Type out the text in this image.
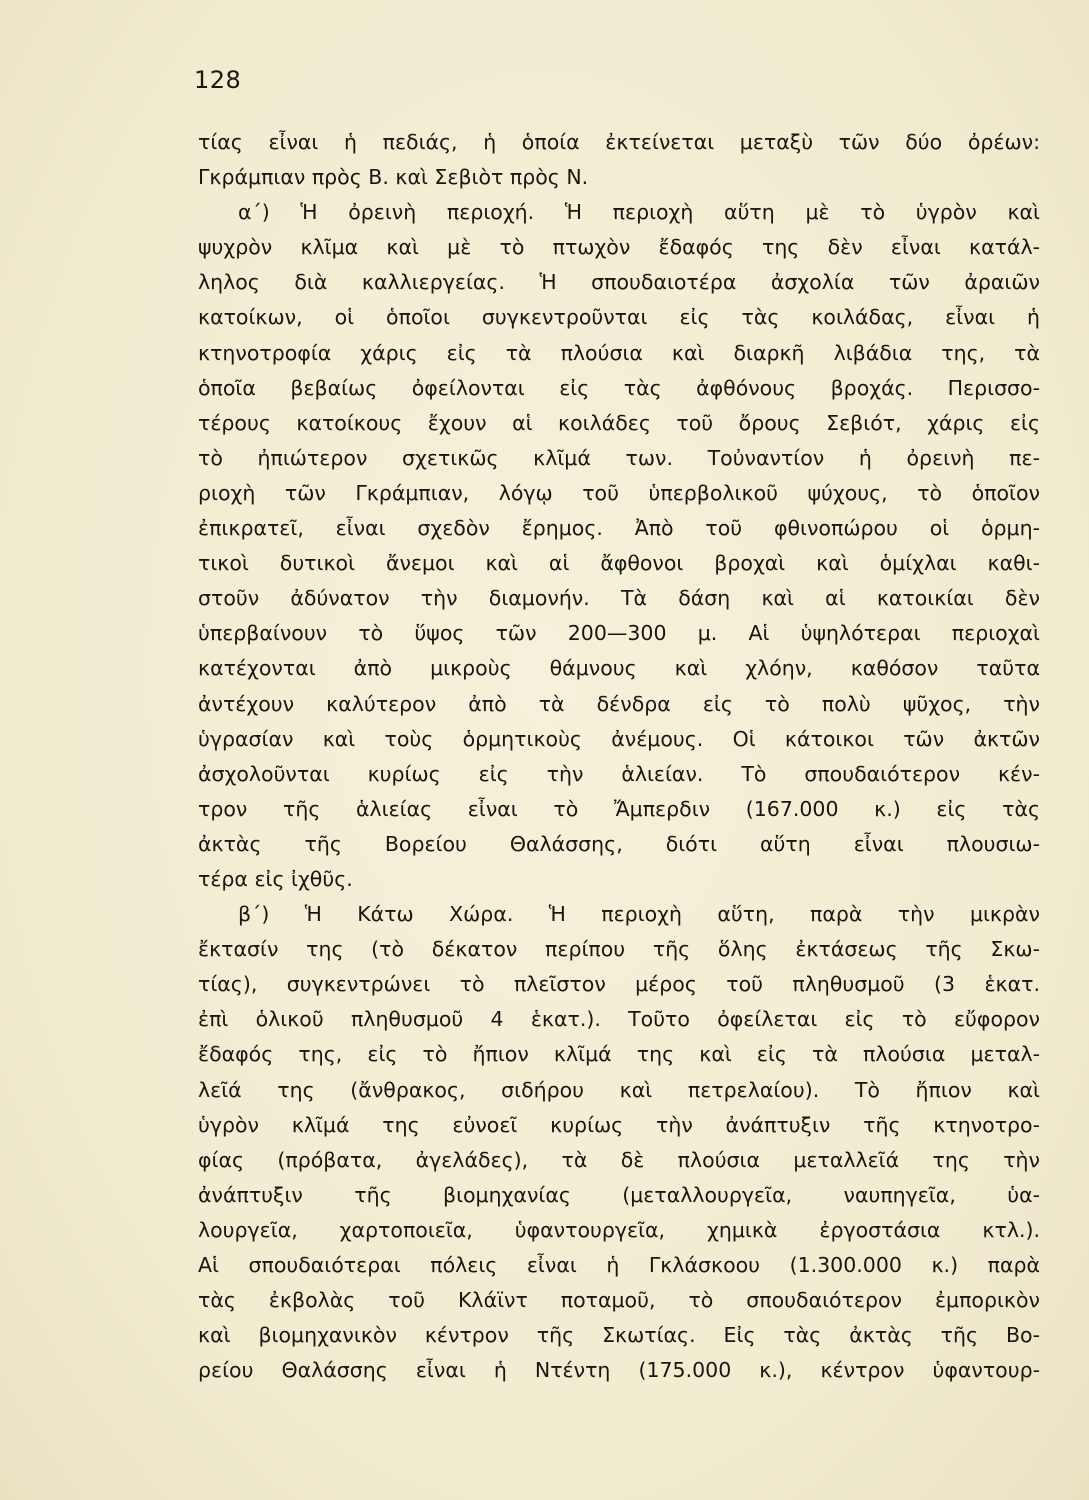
128
τίας εἶναι ἡ πεδιάς, ἡ ὁποία ἐκτείνεται μεταξὺ τῶν δύο ὀρέων:
Γκράμπιαν πρὸς Β. καὶ Σεβιὸτ πρὸς Ν.
α΄) Ἡ ὀρεινὴ περιοχή. Ἡ περιοχὴ αὕτη μὲ τὸ ὑγρὸν καὶ
ψυχρὸν κλῖμα καὶ μὲ τὸ πτωχὸν ἔδαφός της δὲν εἶναι κατάλ-
ληλος διὰ καλλιεργείας. Ἡ σπουδαιοτέρα ἀσχολία τῶν ἀραιῶν
κατοίκων, οἱ ὁποῖοι συγκεντροῦνται εἰς τὰς κοιλάδας, εἶναι ἡ
κτηνοτροφία χάρις εἰς τὰ πλούσια καὶ διαρκῆ λιβάδια της, τὰ
ὁποῖα βεβαίως ὀφείλονται εἰς τὰς ἀφθόνους βροχάς. Περισσο-
τέρους κατοίκους ἔχουν αἱ κοιλάδες τοῦ ὄρους Σεβιότ, χάρις εἰς
τὸ ἠπιώτερον σχετικῶς κλῖμά των. Τοὐναντίον ἡ ὀρεινὴ πε-
ριοχὴ τῶν Γκράμπιαν, λόγῳ τοῦ ὑπερβολικοῦ ψύχους, τὸ ὁποῖον
ἐπικρατεῖ, εἶναι σχεδὸν ἔρημος. Ἀπὸ τοῦ φθινοπώρου οἱ ὁρμη-
τικοὶ δυτικοὶ ἄνεμοι καὶ αἱ ἄφθονοι βροχαὶ καὶ ὁμίχλαι καθι-
στοῦν ἀδύνατον τὴν διαμονήν. Τὰ δάση καὶ αἱ κατοικίαι δὲν
ὑπερβαίνουν τὸ ὕψος τῶν 200—300 μ. Αἱ ὑψηλότεραι περιοχαὶ
κατέχονται ἀπὸ μικροὺς θάμνους καὶ χλόην, καθόσον ταῦτα
ἀντέχουν καλύτερον ἀπὸ τὰ δένδρα εἰς τὸ πολὺ ψῦχος, τὴν
ὑγρασίαν καὶ τοὺς ὁρμητικοὺς ἀνέμους. Οἱ κάτοικοι τῶν ἀκτῶν
ἀσχολοῦνται κυρίως εἰς τὴν ἁλιείαν. Τὸ σπουδαιότερον κέν-
τρον τῆς ἁλιείας εἶναι τὸ Ἄμπερδιν (167.000 κ.) εἰς τὰς
ἀκτὰς τῆς Βορείου Θαλάσσης, διότι αὕτη εἶναι πλουσιω-
τέρα εἰς ἰχθῦς.
β΄) Ἡ Κάτω Χώρα. Ἡ περιοχὴ αὕτη, παρὰ τὴν μικρὰν
ἔκτασίν της (τὸ δέκατον περίπου τῆς ὅλης ἐκτάσεως τῆς Σκω-
τίας), συγκεντρώνει τὸ πλεῖστον μέρος τοῦ πληθυσμοῦ (3 ἑκατ.
ἐπὶ ὁλικοῦ πληθυσμοῦ 4 ἑκατ.). Τοῦτο ὀφείλεται εἰς τὸ εὔφορον
ἔδαφός της, εἰς τὸ ἤπιον κλῖμά της καὶ εἰς τὰ πλούσια μεταλ-
λεῖά της (ἄνθρακος, σιδήρου καὶ πετρελαίου). Τὸ ἤπιον καὶ
ὑγρὸν κλῖμά της εὐνοεῖ κυρίως τὴν ἀνάπτυξιν τῆς κτηνοτρο-
φίας (πρόβατα, ἀγελάδες), τὰ δὲ πλούσια μεταλλεῖά της τὴν
ἀνάπτυξιν τῆς βιομηχανίας (μεταλλουργεῖα, ναυπηγεῖα, ὑα-
λουργεῖα, χαρτοποιεῖα, ὑφαντουργεῖα, χημικὰ ἐργοστάσια κτλ.).
Αἱ σπουδαιότεραι πόλεις εἶναι ἡ Γκλάσκοου (1.300.000 κ.) παρὰ
τὰς ἐκβολὰς τοῦ Κλάϊντ ποταμοῦ, τὸ σπουδαιότερον ἐμπορικὸν
καὶ βιομηχανικὸν κέντρον τῆς Σκωτίας. Εἰς τὰς ἀκτὰς τῆς Βο-
ρείου Θαλάσσης εἶναι ἡ Ντέντη (175.000 κ.), κέντρον ὑφαντουρ-
